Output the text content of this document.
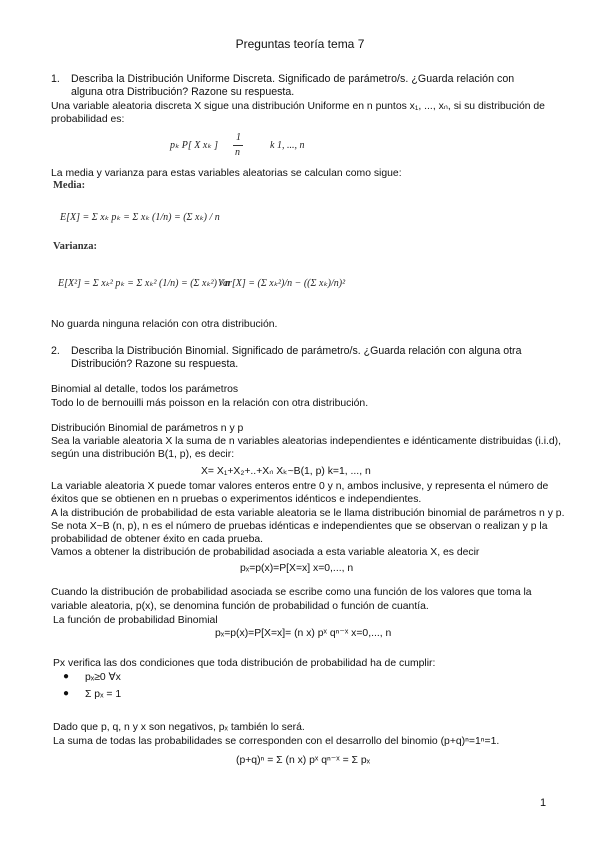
Preguntas teoría tema 7
1. Describa la Distribución Uniforme Discreta. Significado de parámetro/s. ¿Guarda relación con
alguna otra Distribución? Razone su respuesta.
Una variable aleatoria discreta X sigue una distribución Uniforme en n puntos x₁, ..., xₙ, si su distribución de
probabilidad es:
pₖ P[ X xₖ ]
1
n
k 1, ..., n
La media y varianza para estas variables aleatorias se calculan como sigue:
Media:
E[X] = Σ xₖ pₖ = Σ xₖ (1/n) = (Σ xₖ) / n
Varianza:
E[X²] = Σ xₖ² pₖ = Σ xₖ² (1/n) = (Σ xₖ²) / n
Var[X] = (Σ xₖ²)/n − ((Σ xₖ)/n)²
No guarda ninguna relación con otra distribución.
2. Describa la Distribución Binomial. Significado de parámetro/s. ¿Guarda relación con alguna otra
Distribución? Razone su respuesta.
Binomial al detalle, todos los parámetros
Todo lo de bernouilli más poisson en la relación con otra distribución.
Distribución Binomial de parámetros n y p
Sea la variable aleatoria X la suma de n variables aleatorias independientes e idénticamente distribuidas (i.i.d),
según una distribución B(1, p), es decir:
X= X₁+X₂+..+Xₙ Xₖ~B(1, p) k=1, ..., n
La variable aleatoria X puede tomar valores enteros entre 0 y n, ambos inclusive, y representa el número de
éxitos que se obtienen en n pruebas o experimentos idénticos e independientes.
A la distribución de probabilidad de esta variable aleatoria se le llama distribución binomial de parámetros n y p.
Se nota X~B (n, p), n es el número de pruebas idénticas e independientes que se observan o realizan y p la
probabilidad de obtener éxito en cada prueba.
Vamos a obtener la distribución de probabilidad asociada a esta variable aleatoria X, es decir
pₓ=p(x)=P[X=x] x=0,..., n
Cuando la distribución de probabilidad asociada se escribe como una función de los valores que toma la
variable aleatoria, p(x), se denomina función de probabilidad o función de cuantía.
La función de probabilidad Binomial
pₓ=p(x)=P[X=x]= (n x) pˣ qⁿ⁻ˣ x=0,..., n
Px verifica las dos condiciones que toda distribución de probabilidad ha de cumplir:
● pₓ≥0 ∀x
● Σ pₓ = 1
Dado que p, q, n y x son negativos, pₓ también lo será.
La suma de todas las probabilidades se corresponden con el desarrollo del binomio (p+q)ⁿ=1ⁿ=1.
(p+q)ⁿ = Σ (n x) pˣ qⁿ⁻ˣ = Σ pₓ
1
